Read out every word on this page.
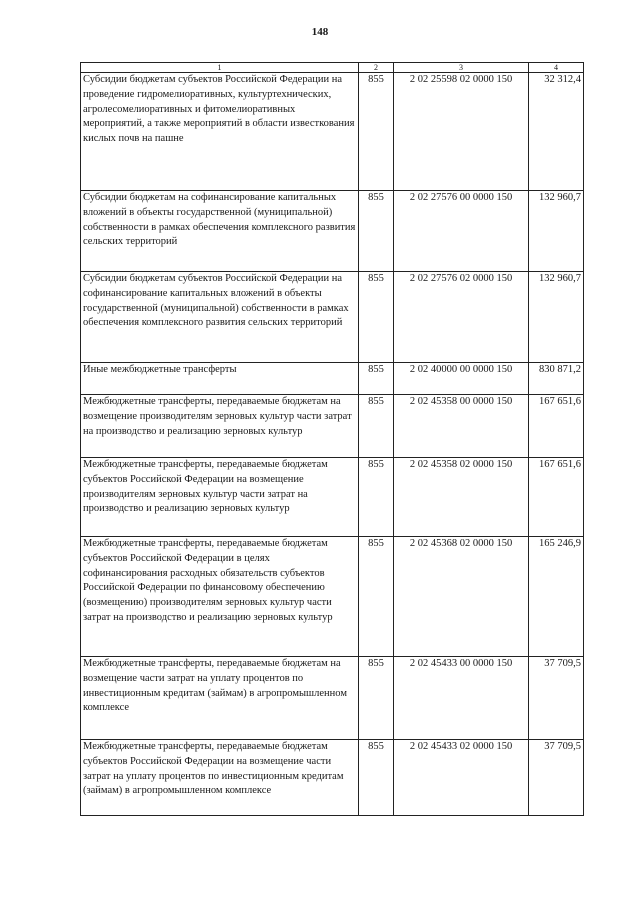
148
1	2	3	4
Субсидии бюджетам субъектов Российской Федерации на проведение гидромелиоративных, культуртехнических, агролесомелиоративных и фитомелиоративных мероприятий, а также мероприятий в области известкования кислых почв на пашне	855	2 02 25598 02 0000 150	32 312,4
Субсидии бюджетам на софинансирование капитальных вложений в объекты государственной (муниципальной) собственности в рамках обеспечения комплексного развития сельских территорий	855	2 02 27576 00 0000 150	132 960,7
Субсидии бюджетам субъектов Российской Федерации на софинансирование капитальных вложений в объекты государственной (муниципальной) собственности в рамках обеспечения комплексного развития сельских территорий	855	2 02 27576 02 0000 150	132 960,7
Иные межбюджетные трансферты	855	2 02 40000 00 0000 150	830 871,2
Межбюджетные трансферты, передаваемые бюджетам на возмещение производителям зерновых культур части затрат на производство и реализацию зерновых культур	855	2 02 45358 00 0000 150	167 651,6
Межбюджетные трансферты, передаваемые бюджетам субъектов Российской Федерации на возмещение производителям зерновых культур части затрат на производство и реализацию зерновых культур	855	2 02 45358 02 0000 150	167 651,6
Межбюджетные трансферты, передаваемые бюджетам субъектов Российской Федерации в целях софинансирования расходных обязательств субъектов Российской Федерации по финансовому обеспечению (возмещению) производителям зерновых культур части затрат на производство и реализацию зерновых культур	855	2 02 45368 02 0000 150	165 246,9
Межбюджетные трансферты, передаваемые бюджетам на возмещение части затрат на уплату процентов по инвестиционным кредитам (займам) в агропромышленном комплексе	855	2 02 45433 00 0000 150	37 709,5
Межбюджетные трансферты, передаваемые бюджетам субъектов Российской Федерации на возмещение части затрат на уплату процентов по инвестиционным кредитам (займам) в агропромышленном комплексе	855	2 02 45433 02 0000 150	37 709,5
